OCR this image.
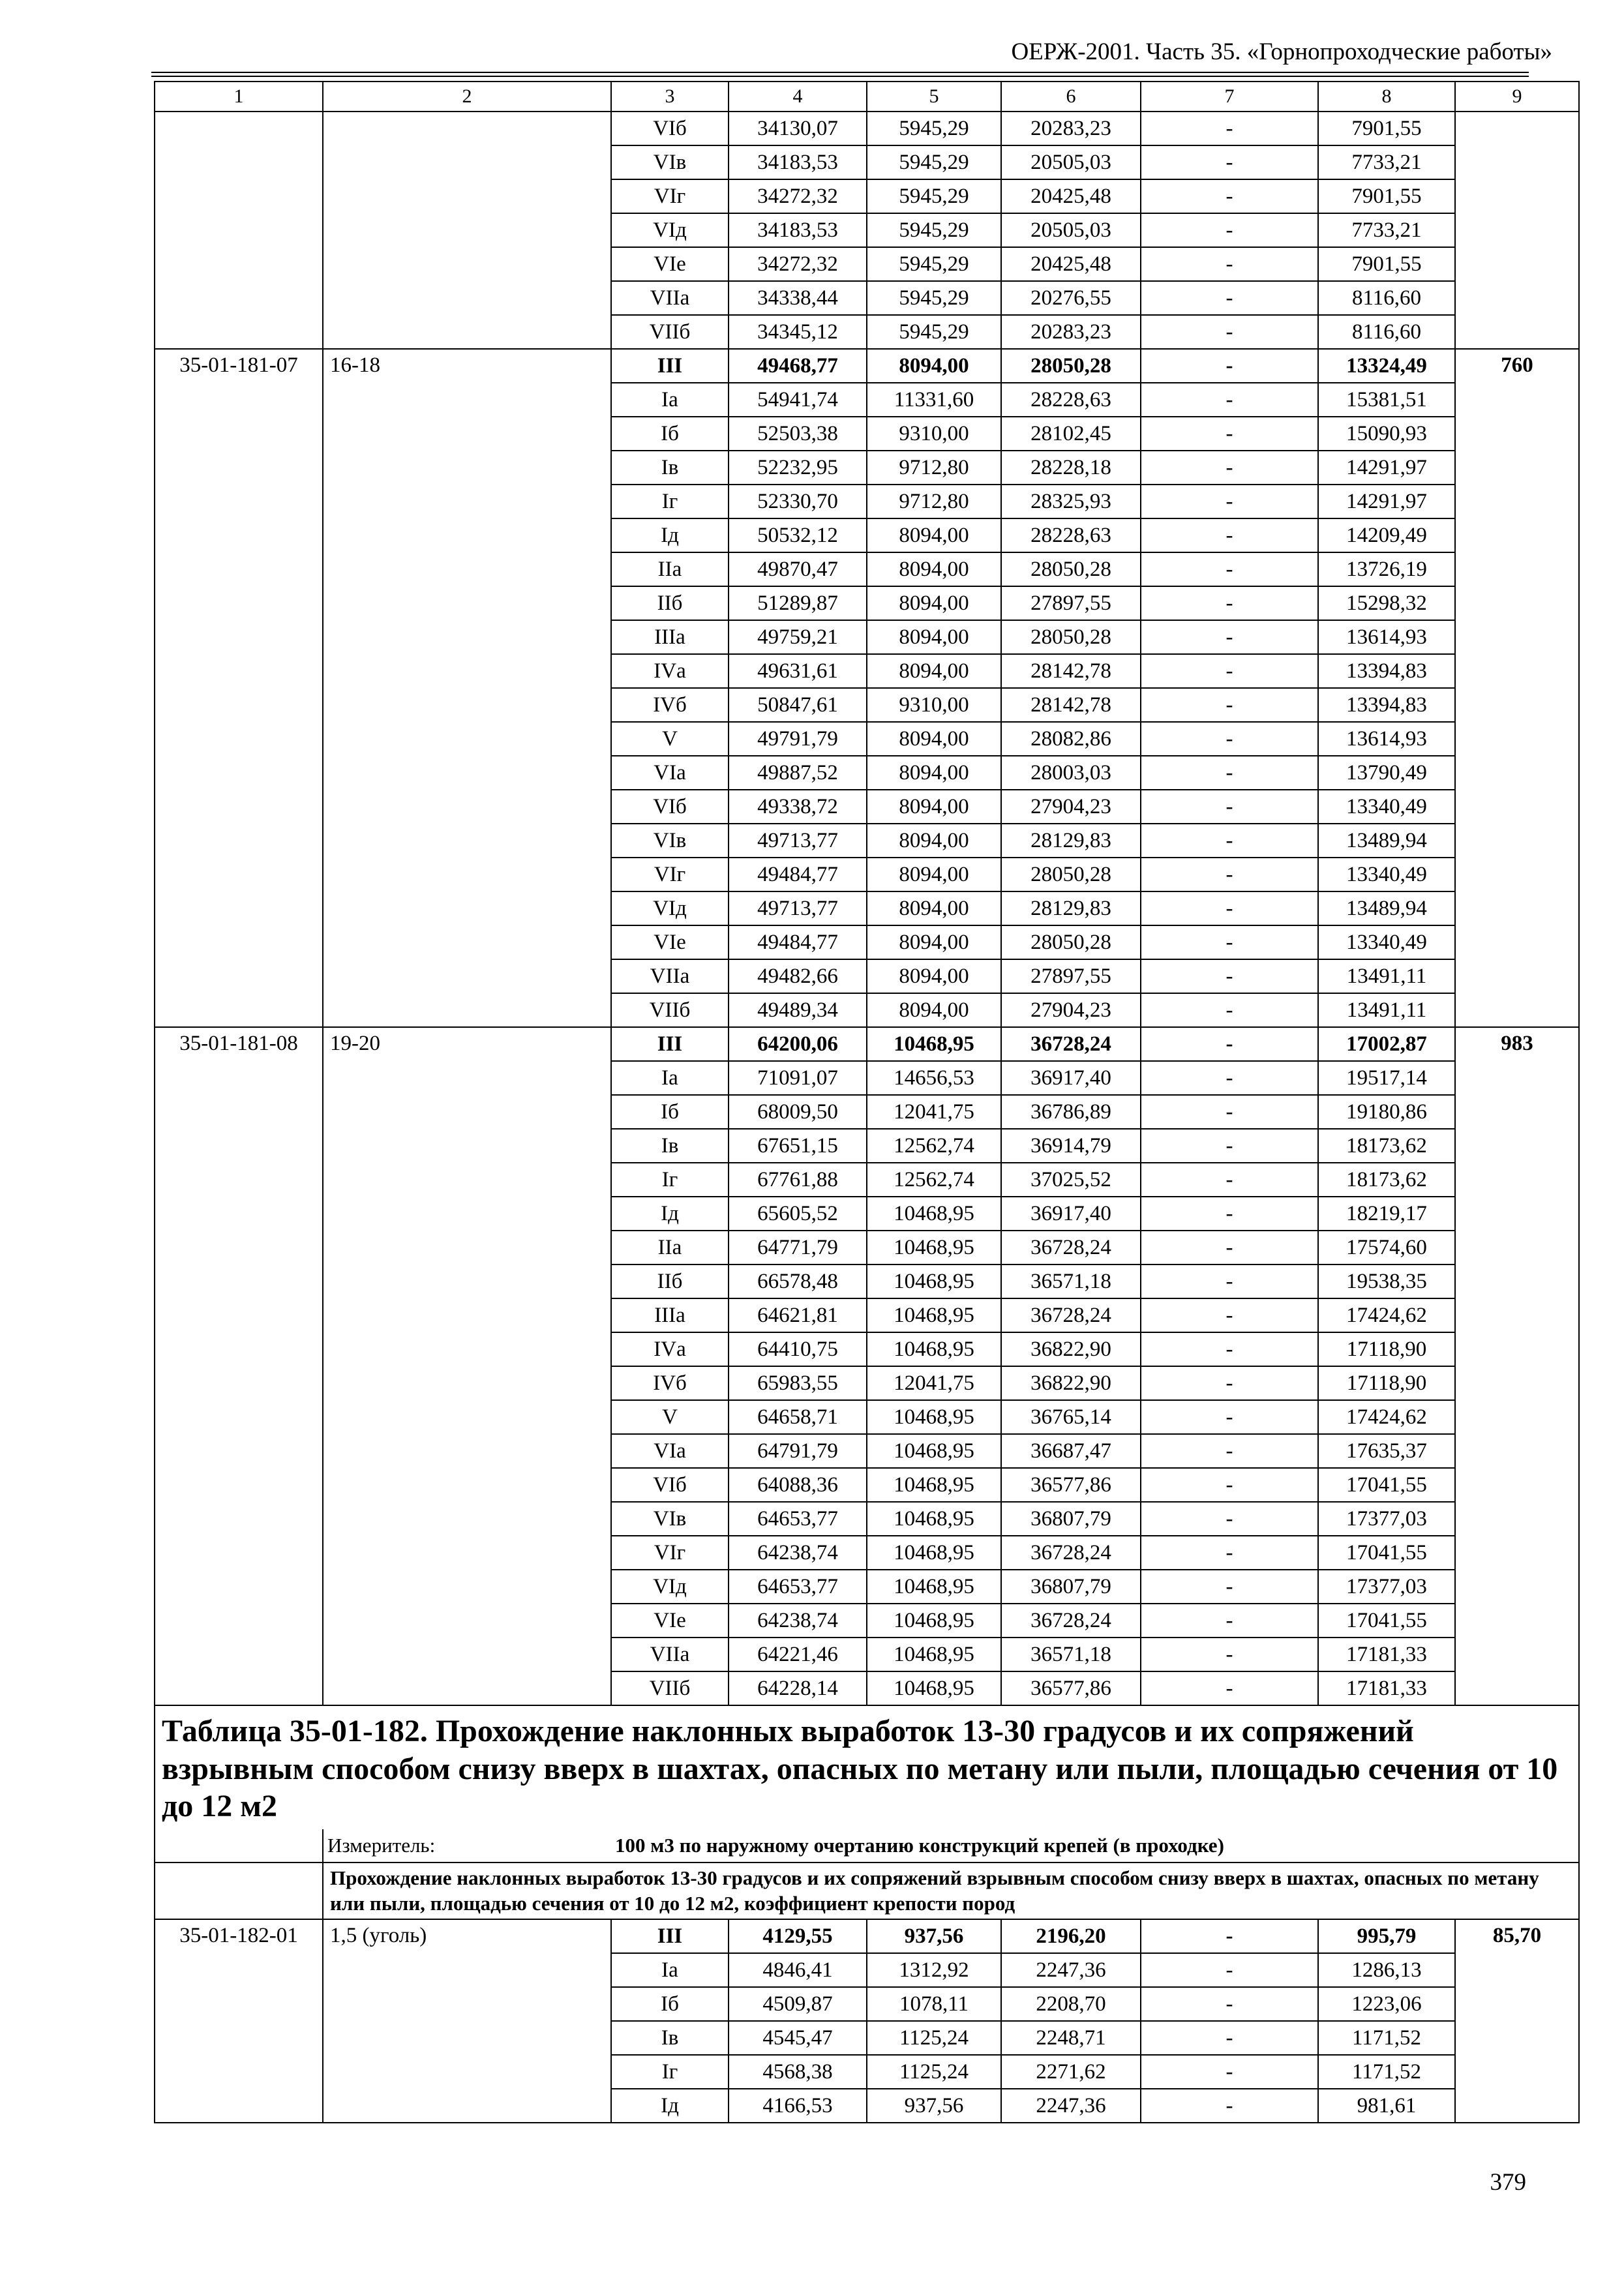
ОЕРЖ-2001. Часть 35. «Горнопроходческие работы»
1	2	3	4	5	6	7	8	9
		VIб	34130,07	5945,29	20283,23	-	7901,55	
		VIв	34183,53	5945,29	20505,03	-	7733,21	
		VIг	34272,32	5945,29	20425,48	-	7901,55	
		VIд	34183,53	5945,29	20505,03	-	7733,21	
		VIе	34272,32	5945,29	20425,48	-	7901,55	
		VIIа	34338,44	5945,29	20276,55	-	8116,60	
		VIIб	34345,12	5945,29	20283,23	-	8116,60	
35-01-181-07	16-18	III	49468,77	8094,00	28050,28	-	13324,49	760
		Iа	54941,74	11331,60	28228,63	-	15381,51	
		Iб	52503,38	9310,00	28102,45	-	15090,93	
		Iв	52232,95	9712,80	28228,18	-	14291,97	
		Iг	52330,70	9712,80	28325,93	-	14291,97	
		Iд	50532,12	8094,00	28228,63	-	14209,49	
		IIа	49870,47	8094,00	28050,28	-	13726,19	
		IIб	51289,87	8094,00	27897,55	-	15298,32	
		IIIа	49759,21	8094,00	28050,28	-	13614,93	
		IVа	49631,61	8094,00	28142,78	-	13394,83	
		IVб	50847,61	9310,00	28142,78	-	13394,83	
		V	49791,79	8094,00	28082,86	-	13614,93	
		VIа	49887,52	8094,00	28003,03	-	13790,49	
		VIб	49338,72	8094,00	27904,23	-	13340,49	
		VIв	49713,77	8094,00	28129,83	-	13489,94	
		VIг	49484,77	8094,00	28050,28	-	13340,49	
		VIд	49713,77	8094,00	28129,83	-	13489,94	
		VIе	49484,77	8094,00	28050,28	-	13340,49	
		VIIа	49482,66	8094,00	27897,55	-	13491,11	
		VIIб	49489,34	8094,00	27904,23	-	13491,11	
35-01-181-08	19-20	III	64200,06	10468,95	36728,24	-	17002,87	983
		Iа	71091,07	14656,53	36917,40	-	19517,14	
		Iб	68009,50	12041,75	36786,89	-	19180,86	
		Iв	67651,15	12562,74	36914,79	-	18173,62	
		Iг	67761,88	12562,74	37025,52	-	18173,62	
		Iд	65605,52	10468,95	36917,40	-	18219,17	
		IIа	64771,79	10468,95	36728,24	-	17574,60	
		IIб	66578,48	10468,95	36571,18	-	19538,35	
		IIIа	64621,81	10468,95	36728,24	-	17424,62	
		IVа	64410,75	10468,95	36822,90	-	17118,90	
		IVб	65983,55	12041,75	36822,90	-	17118,90	
		V	64658,71	10468,95	36765,14	-	17424,62	
		VIа	64791,79	10468,95	36687,47	-	17635,37	
		VIб	64088,36	10468,95	36577,86	-	17041,55	
		VIв	64653,77	10468,95	36807,79	-	17377,03	
		VIг	64238,74	10468,95	36728,24	-	17041,55	
		VIд	64653,77	10468,95	36807,79	-	17377,03	
		VIе	64238,74	10468,95	36728,24	-	17041,55	
		VIIа	64221,46	10468,95	36571,18	-	17181,33	
		VIIб	64228,14	10468,95	36577,86	-	17181,33	
Таблица 35-01-182. Прохождение наклонных выработок 13-30 градусов и их сопряжений взрывным способом снизу вверх в шахтах, опасных по метану или пыли, площадью сечения от 10 до 12 м2								
	Измеритель:	100 м3 по наружному очертанию конструкций крепей (в проходке)						
	Прохождение наклонных выработок 13-30 градусов и их сопряжений взрывным способом снизу вверх в шахтах, опасных по метану или пыли, площадью сечения от 10 до 12 м2, коэффициент крепости пород							
35-01-182-01	1,5 (уголь)	III	4129,55	937,56	2196,20	-	995,79	85,70
		Iа	4846,41	1312,92	2247,36	-	1286,13	
		Iб	4509,87	1078,11	2208,70	-	1223,06	
		Iв	4545,47	1125,24	2248,71	-	1171,52	
		Iг	4568,38	1125,24	2271,62	-	1171,52	
		Iд	4166,53	937,56	2247,36	-	981,61	
379
